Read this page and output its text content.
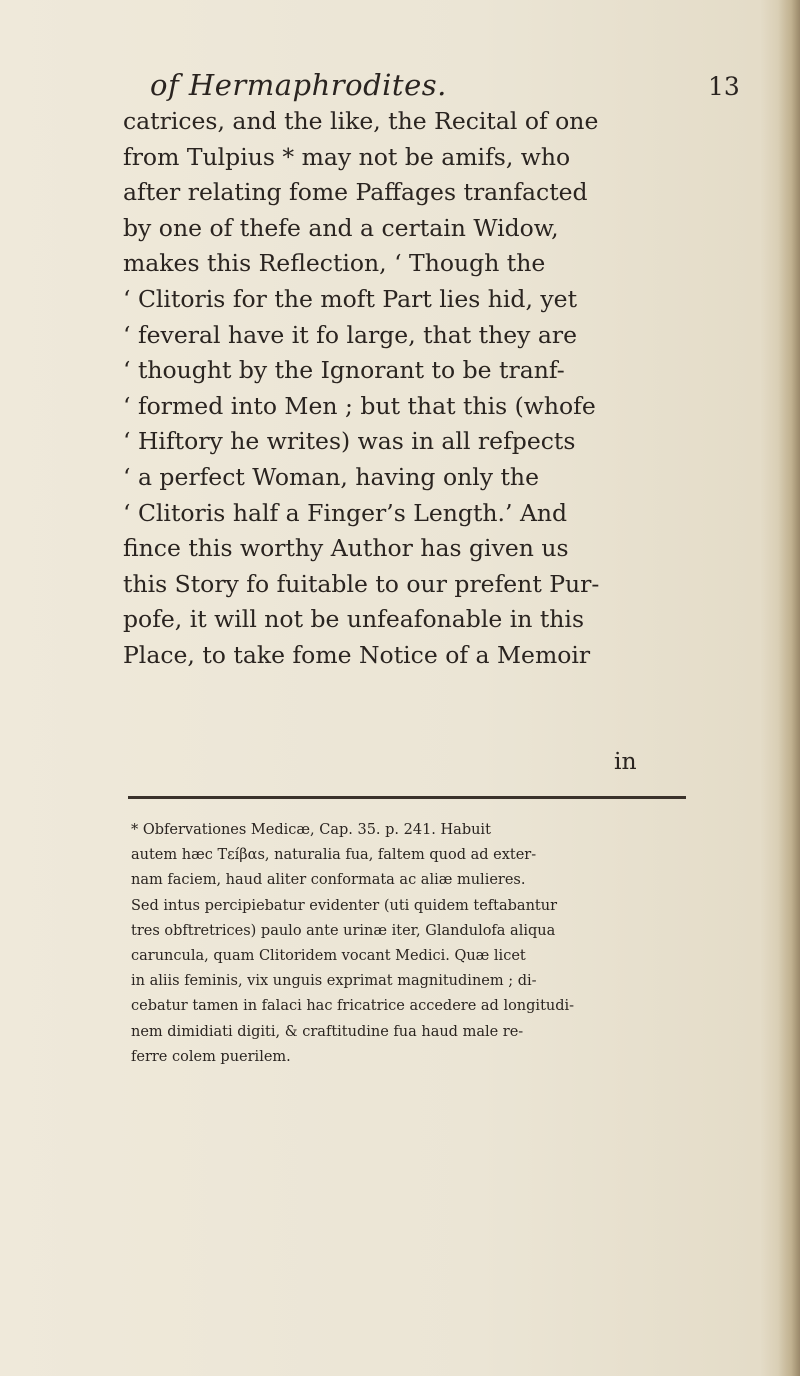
of Hermaphrodites.	13
catrices, and the like, the Recital of one
from Tulpius * may not be amifs, who
after relating fome Paffages tranfacted
by one of thefe and a certain Widow,
makes this Reflection, ‘ Though the
‘ Clitoris for the moft Part lies hid, yet
‘ feveral have it fo large, that they are
‘ thought by the Ignorant to be tranf-
‘ formed into Men ; but that this (whofe
‘ Hiftory he writes) was in all refpects
‘ a perfect Woman, having only the
‘ Clitoris half a Finger’s Length.’ And
fince this worthy Author has given us
this Story fo fuitable to our prefent Pur-
pofe, it will not be unfeafonable in this
Place, to take fome Notice of a Memoir
in
* Obfervationes Medicæ, Cap. 35. p. 241. Habuit
autem hæc Tεíβαs, naturalia fua, faltem quod ad exter-
nam faciem, haud aliter conformata ac aliæ mulieres.
Sed intus percipiebatur evidenter (uti quidem teftabantur
tres obftretrices) paulo ante urinæ iter, Glandulofa aliqua
caruncula, quam Clitoridem vocant Medici. Quæ licet
in aliis feminis, vix unguis exprimat magnitudinem ; di-
cebatur tamen in falaci hac fricatrice accedere ad longitudi-
nem dimidiati digiti, & craftitudine fua haud male re-
ferre colem puerilem.
